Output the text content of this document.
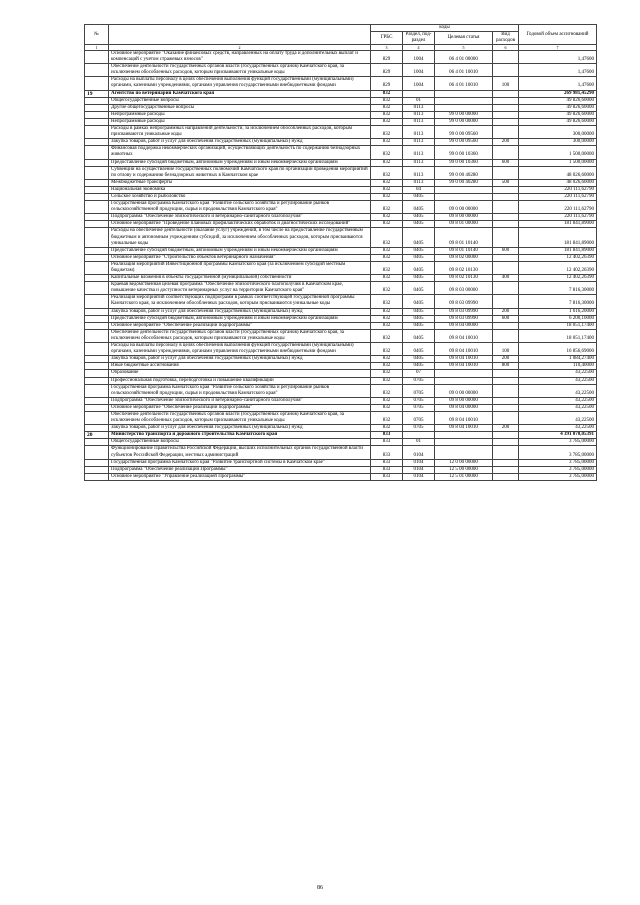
№		коды				Годовой объем ассигнований
		ГРБС	Раздел, под-раздел	Целевая статья	Вид расходов	
1	2	3	4	5	6	7
	Основное мероприятие "Оказание финансовых средств, направленных на оплату труда и дополнительных выплат и компенсаций с учетом стражевых взносов"	829	1004	06 4 01 00000		1,47600
	Обеспечение деятельности государственных органов власти (государственных органов) Камчатского края, за исключением обособленных расходов, которым присваиваются уникальные коды	829	1004	06 4 01 10010		1,47600
	Расходы на выплаты персоналу в целях обеспечения выполнения функций государственными (муниципальными) органами, казенными учреждениями, органами управления государственными внебюджетными фондами	829	1004	06 4 01 10010	100	1,47600
19	Агентство по ветеринарии Камчатского края	832				269 981,45290
	Общегосударственные вопросы	832	01			49 826,60000
	Другие общегосударственные вопросы	832	0113			49 826,60000
	Непрограммные расходы	832	0113	99 0 00 00000		49 826,60000
	Непрограммные расходы	832	0113	99 0 00 00000		49 826,60000
	Расходы в рамках непрограммных направлений деятельности, за исключением обособленных расходов, которым присваиваются уникальные коды	832	0113	99 0 00 09560		300,00000
	Закупка товаров, работ и услуг для обеспечения государственных (муниципальных) нужд	832	0113	99 0 00 09560	200	300,00000
	Финансовая поддержка некоммерческих организаций, осуществляющих деятельность по содержанию безнадзорных животных	832	0113	99 0 00 10360		1 500,00000
	Предоставление субсидий бюджетным, автономным учреждениям и иным некоммерческим организациям	832	0113	99 0 00 10360	600	1 500,00000
	Субвенции на осуществление государственных полномочий Камчатского края по организации проведения мероприятий по отлову и содержанию безнадзорных животных в Камчатском крае	832	0113	99 0 00 40280		48 026,60000
	Межбюджетные трансферты	832	0113	99 0 00 40280	500	48 026,60000
	Национальная экономика	832	04			220 111,62790
	Сельское хозяйство и рыболовство	832	0405			220 111,62790
	Государственная программа Камчатского края "Развитие сельского хозяйства и регулирование рынков сельскохозяйственной продукции, сырья и продовольствия Камчатского края"	832	0405	09 0 00 00000		220 111,62790
	Подпрограмма "Обеспечение эпизоотического и ветеринарно-санитарного благополучия"	832	0405	09 8 00 00000		220 111,62790
	Основное мероприятие "Проведение плановых профилактических обработок и диагностических исследований"	832	0405	09 8 01 00000		181 841,89000
	Расходы на обеспечение деятельности (оказание услуг) учреждений, в том числе на предоставление государственным бюджетным и автономным учреждениям субсидий, за исключением обособленных расходов, которым присваиваются уникальные коды	832	0405	09 8 01 10140		181 841,89000
	Предоставление субсидий бюджетным, автономным учреждениям и иным некоммерческим организациям	832	0405	09 8 01 10140	600	181 841,89000
	Основное мероприятие "Строительство объектов ветеринарного назначения"	832	0405	09 8 02 00000		12 402,26390
	Реализация мероприятий Инвестиционной программы Камчатского края (за исключением субсидий местным бюджетам)	832	0405	09 8 02 10130		12 402,26390
	Капитальные вложения в объекты государственной (муниципальной) собственности	832	0405	09 8 02 10130	400	12 402,26390
	Краевая ведомственная целевая программа "Обеспечение эпизоотического благополучия в Камчатском крае, повышение качества и доступности ветеринарных услуг на территории Камчатского края"	832	0405	09 8 03 00000		7 816,30000
	Реализация мероприятий соответствующих подпрограмм в рамках соответствующей государственной программы Камчатского края, за исключением обособленных расходов, которым присваиваются уникальные коды	832	0405	09 8 03 09990		7 816,30000
	Закупка товаров, работ и услуг для обеспечения государственных (муниципальных) нужд	832	0405	09 8 03 09990	200	1 616,20000
	Предоставление субсидий бюджетным, автономным учреждениям и иным некоммерческим организациям	832	0405	09 8 03 09990	600	6 200,10000
	Основное мероприятие "Обеспечение реализации подпрограммы"	832	0405	09 8 04 00000		18 051,17400
	Обеспечение деятельности государственных органов власти (государственных органов) Камчатского края, за исключением обособленных расходов, которым присваиваются уникальные коды	832	0405	09 8 04 10010		18 051,17400
	Расходы на выплаты персоналу в целях обеспечения выполнения функций государственными (муниципальными) органами, казенными учреждениями, органами управления государственными внебюджетными фондами	832	0405	09 8 04 10010	100	16 856,69000
	Закупка товаров, работ и услуг для обеспечения государственных (муниципальных) нужд	832	0405	09 8 04 10010	200	1 084,27400
	Иные бюджетные ассигнования	832	0405	09 8 04 10010	800	110,40000
	Образование	832	07			43,22500
	Профессиональная подготовка, переподготовка и повышение квалификации	832	0705			43,22500
	Государственная программа Камчатского края "Развитие сельского хозяйства и регулирование рынков сельскохозяйственной продукции, сырья и продовольствия Камчатского края"	832	0705	09 0 00 00000		43,22500
	Подпрограмма "Обеспечение эпизоотического и ветеринарно-санитарного благополучия"	832	0705	09 8 00 00000		43,22500
	Основное мероприятие "Обеспечение реализации подпрограммы"	832	0705	09 8 04 00000		43,22500
	Обеспечение деятельности государственных органов власти (государственных органов) Камчатского края, за исключением обособленных расходов, которым присваиваются уникальные коды	832	0705	09 8 04 10010		43,22500
	Закупка товаров, работ и услуг для обеспечения государственных (муниципальных) нужд	832	0705	09 8 04 10010	200	43,22500
20	Министерство транспорта и дорожного строительства Камчатского края	833				4 391 070,05391
	Общегосударственные вопросы	833	01			3 785,00000
	Функционирование Правительства Российской Федерации, высших исполнительных органов государственной власти субъектов Российской Федерации, местных администраций	833	0104			3 785,00000
	Государственная программа Камчатского края "Развитие транспортной системы в Камчатском крае"	833	0104	12 0 00 00000		3 785,00000
	Подпрограмма "Обеспечение реализации Программы"	833	0104	12 5 00 00000		3 785,00000
	Основное мероприятие "Управление реализацией Программы"	833	0104	12 5 01 00000		3 785,00000
86
